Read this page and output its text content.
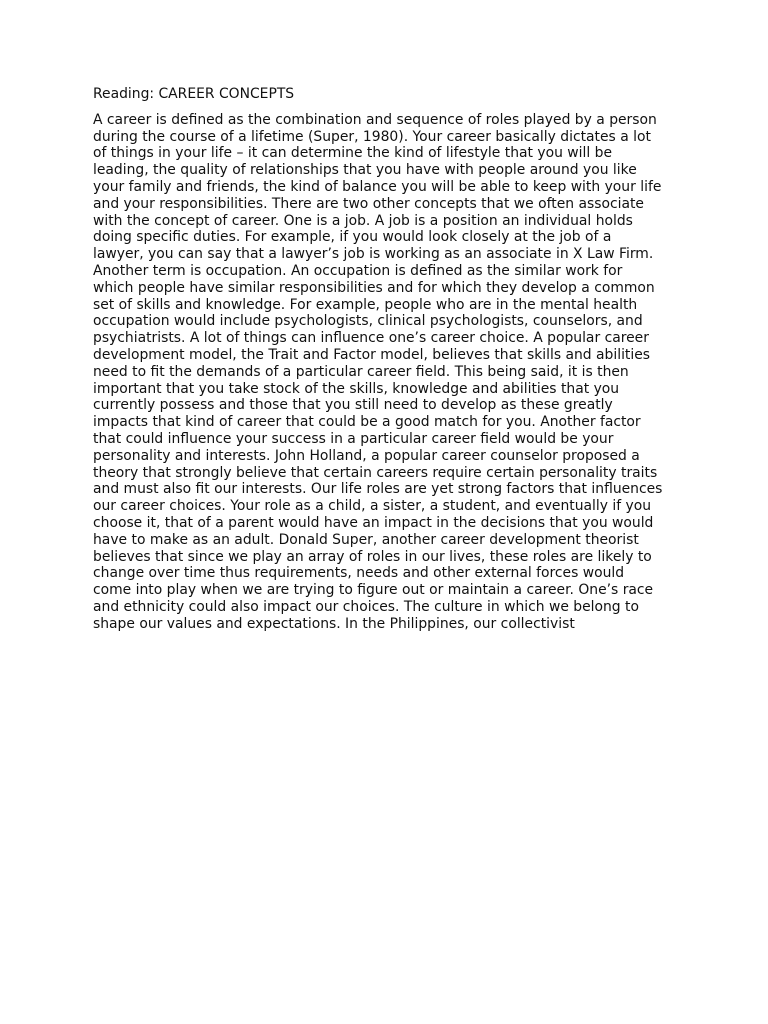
Reading: CAREER CONCEPTS
A career is defined as the combination and sequence of roles played by a person
during the course of a lifetime (Super, 1980). Your career basically dictates a lot
of things in your life – it can determine the kind of lifestyle that you will be
leading, the quality of relationships that you have with people around you like
your family and friends, the kind of balance you will be able to keep with your life
and your responsibilities. There are two other concepts that we often associate
with the concept of career. One is a job. A job is a position an individual holds
doing specific duties. For example, if you would look closely at the job of a
lawyer, you can say that a lawyer’s job is working as an associate in X Law Firm.
Another term is occupation. An occupation is defined as the similar work for
which people have similar responsibilities and for which they develop a common
set of skills and knowledge. For example, people who are in the mental health
occupation would include psychologists, clinical psychologists, counselors, and
psychiatrists. A lot of things can influence one’s career choice. A popular career
development model, the Trait and Factor model, believes that skills and abilities
need to fit the demands of a particular career field. This being said, it is then
important that you take stock of the skills, knowledge and abilities that you
currently possess and those that you still need to develop as these greatly
impacts that kind of career that could be a good match for you. Another factor
that could influence your success in a particular career field would be your
personality and interests. John Holland, a popular career counselor proposed a
theory that strongly believe that certain careers require certain personality traits
and must also fit our interests. Our life roles are yet strong factors that influences
our career choices. Your role as a child, a sister, a student, and eventually if you
choose it, that of a parent would have an impact in the decisions that you would
have to make as an adult. Donald Super, another career development theorist
believes that since we play an array of roles in our lives, these roles are likely to
change over time thus requirements, needs and other external forces would
come into play when we are trying to figure out or maintain a career. One’s race
and ethnicity could also impact our choices. The culture in which we belong to
shape our values and expectations. In the Philippines, our collectivist
